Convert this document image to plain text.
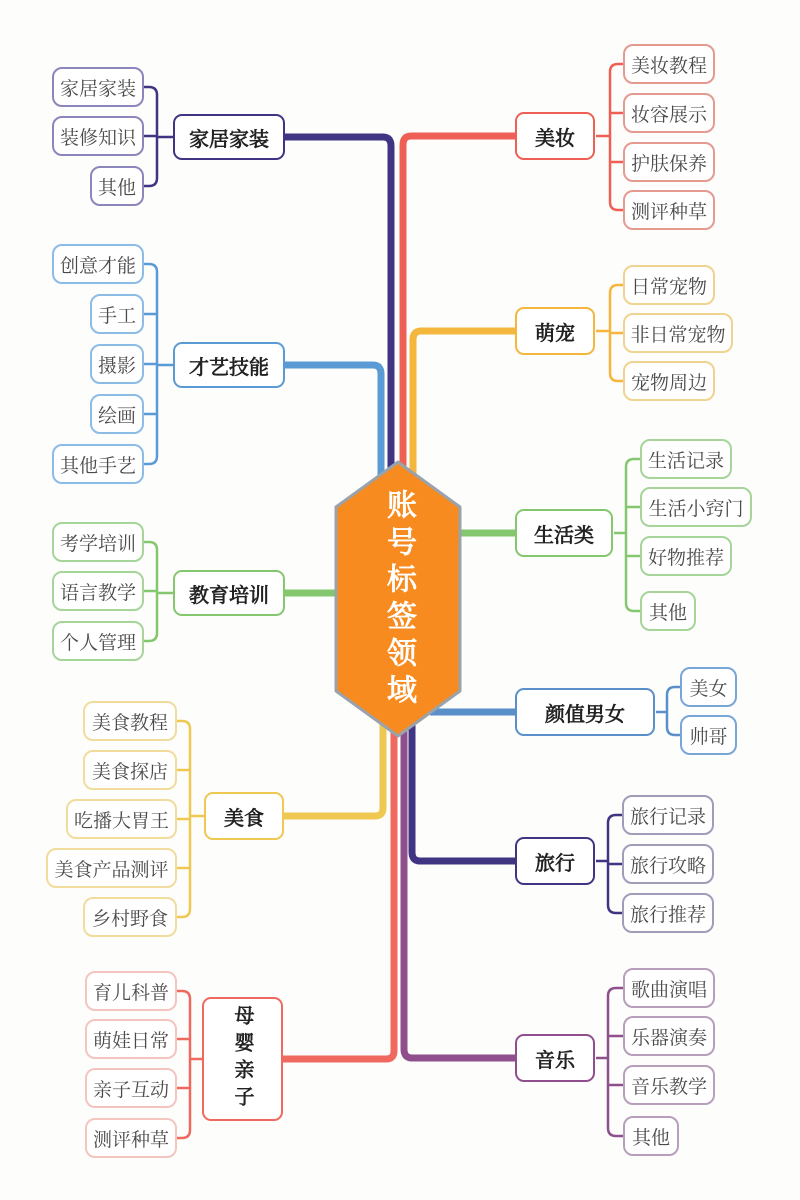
账号标签领域
家居家装
家居家装
装修知识
其他
才艺技能
创意才能
手工
摄影
绘画
其他手艺
教育培训
考学培训
语言教学
个人管理
美食
美食教程
美食探店
吃播大胃王
美食产品测评
乡村野食
母婴亲子
育儿科普
萌娃日常
亲子互动
测评种草
美妆
美妆教程
妆容展示
护肤保养
测评种草
萌宠
日常宠物
非日常宠物
宠物周边
生活类
生活记录
生活小窍门
好物推荐
其他
颜值男女
美女
帅哥
旅行
旅行记录
旅行攻略
旅行推荐
音乐
歌曲演唱
乐器演奏
音乐教学
其他
